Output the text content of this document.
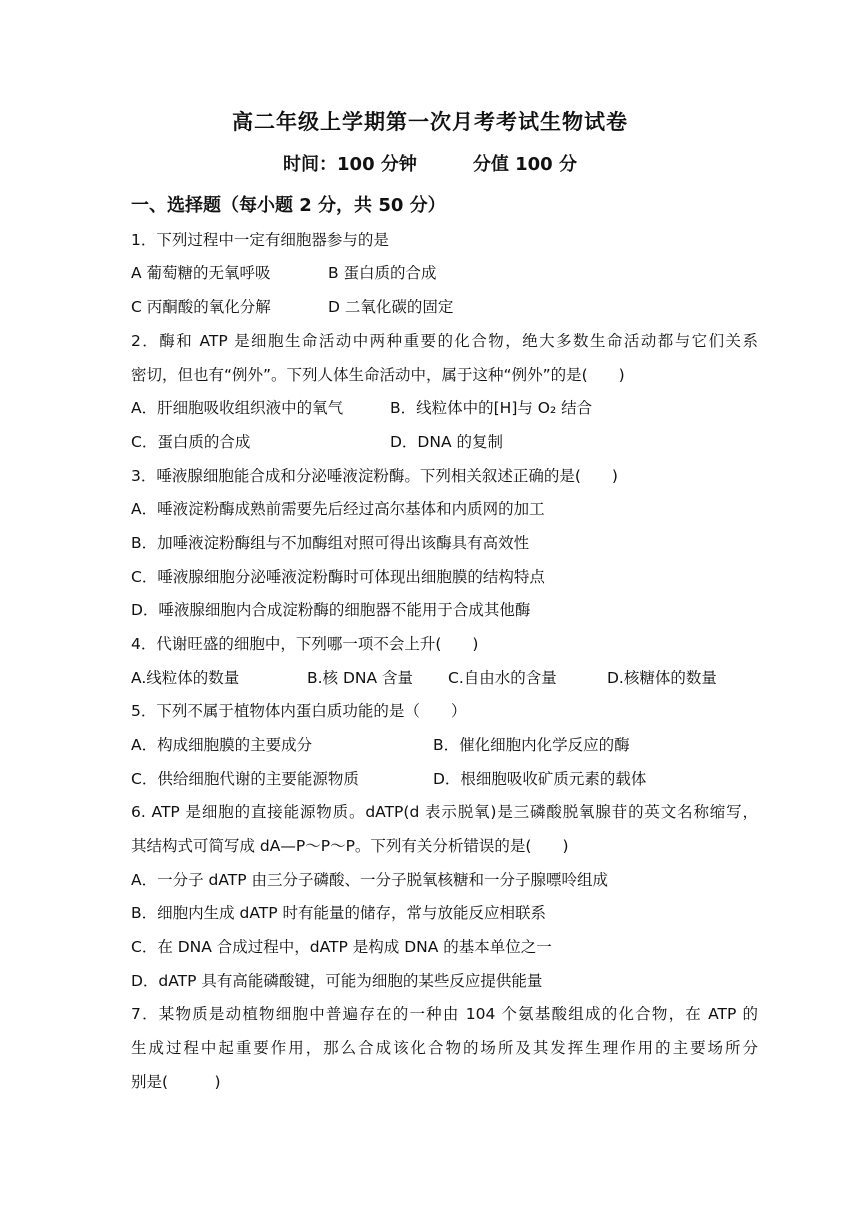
高二年级上学期第一次月考考试生物试卷
时间：100 分钟	分值 100 分
一、选择题（每小题 2 分，共 50 分）
1．下列过程中一定有细胞器参与的是
A 葡萄糖的无氧呼吸	B 蛋白质的合成
C 丙酮酸的氧化分解	D 二氧化碳的固定
2．酶和 ATP 是细胞生命活动中两种重要的化合物，绝大多数生命活动都与它们关系
密切，但也有“例外”。下列人体生命活动中，属于这种“例外”的是(　　)
A．肝细胞吸收组织液中的氧气	B．线粒体中的[H]与 O₂ 结合
C．蛋白质的合成	D．DNA 的复制
3．唾液腺细胞能合成和分泌唾液淀粉酶。下列相关叙述正确的是(　　)
A．唾液淀粉酶成熟前需要先后经过高尔基体和内质网的加工
B．加唾液淀粉酶组与不加酶组对照可得出该酶具有高效性
C．唾液腺细胞分泌唾液淀粉酶时可体现出细胞膜的结构特点
D．唾液腺细胞内合成淀粉酶的细胞器不能用于合成其他酶
4．代谢旺盛的细胞中，下列哪一项不会上升(　　)
A.线粒体的数量	B.核 DNA 含量 C.自由水的含量	D.核糖体的数量
5．下列不属于植物体内蛋白质功能的是（　　）
A．构成细胞膜的主要成分	B．催化细胞内化学反应的酶
C．供给细胞代谢的主要能源物质	D．根细胞吸收矿质元素的载体
6. ATP 是细胞的直接能源物质。dATP(d 表示脱氧)是三磷酸脱氧腺苷的英文名称缩写，
其结构式可简写成 dA—P～P～P。下列有关分析错误的是(　　)
A．一分子 dATP 由三分子磷酸、一分子脱氧核糖和一分子腺嘌呤组成
B．细胞内生成 dATP 时有能量的储存，常与放能反应相联系
C．在 DNA 合成过程中，dATP 是构成 DNA 的基本单位之一
D．dATP 具有高能磷酸键，可能为细胞的某些反应提供能量
7．某物质是动植物细胞中普遍存在的一种由 104 个氨基酸组成的化合物，在 ATP 的
生成过程中起重要作用，那么合成该化合物的场所及其发挥生理作用的主要场所分
别是(　　　)
